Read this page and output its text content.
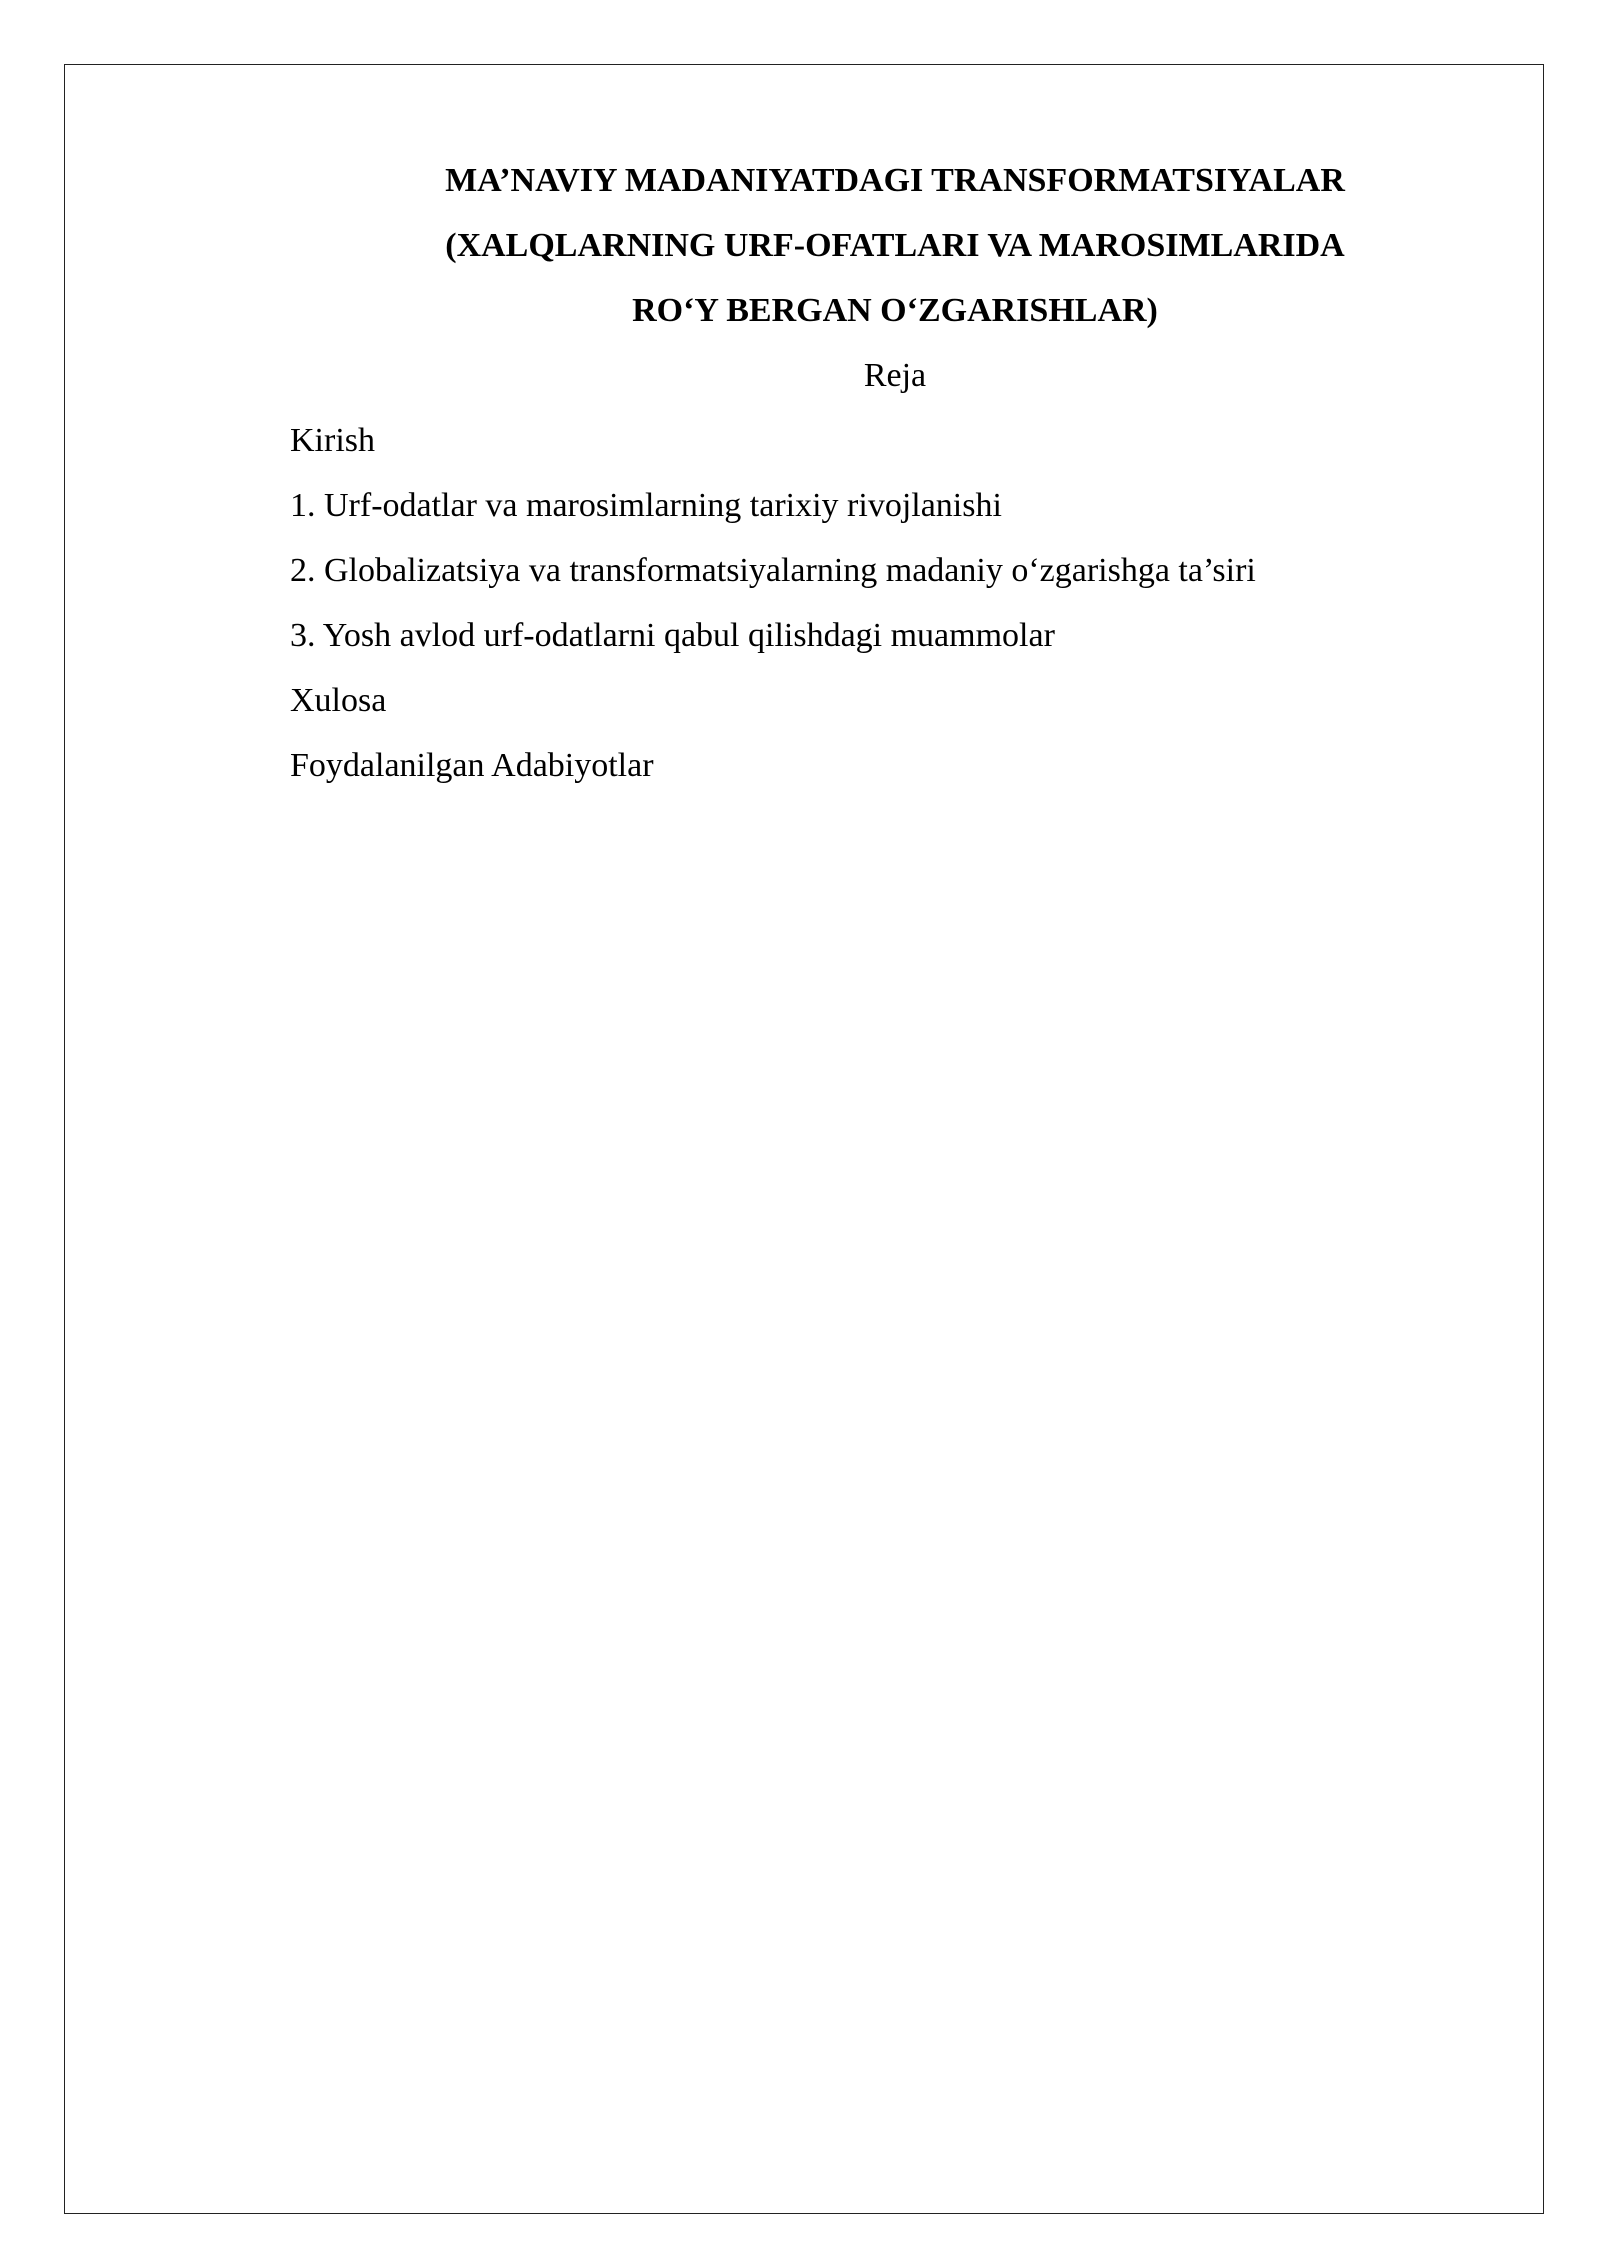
MA’NAVIY MADANIYATDAGI TRANSFORMATSIYALAR
(XALQLARNING URF-OFATLARI VA MAROSIMLARIDA
RO‘Y BERGAN O‘ZGARISHLAR)
Reja
Kirish
1. Urf-odatlar va marosimlarning tarixiy rivojlanishi
2. Globalizatsiya va transformatsiyalarning madaniy o‘zgarishga ta’siri
3. Yosh avlod urf-odatlarni qabul qilishdagi muammolar
Xulosa
Foydalanilgan Adabiyotlar
